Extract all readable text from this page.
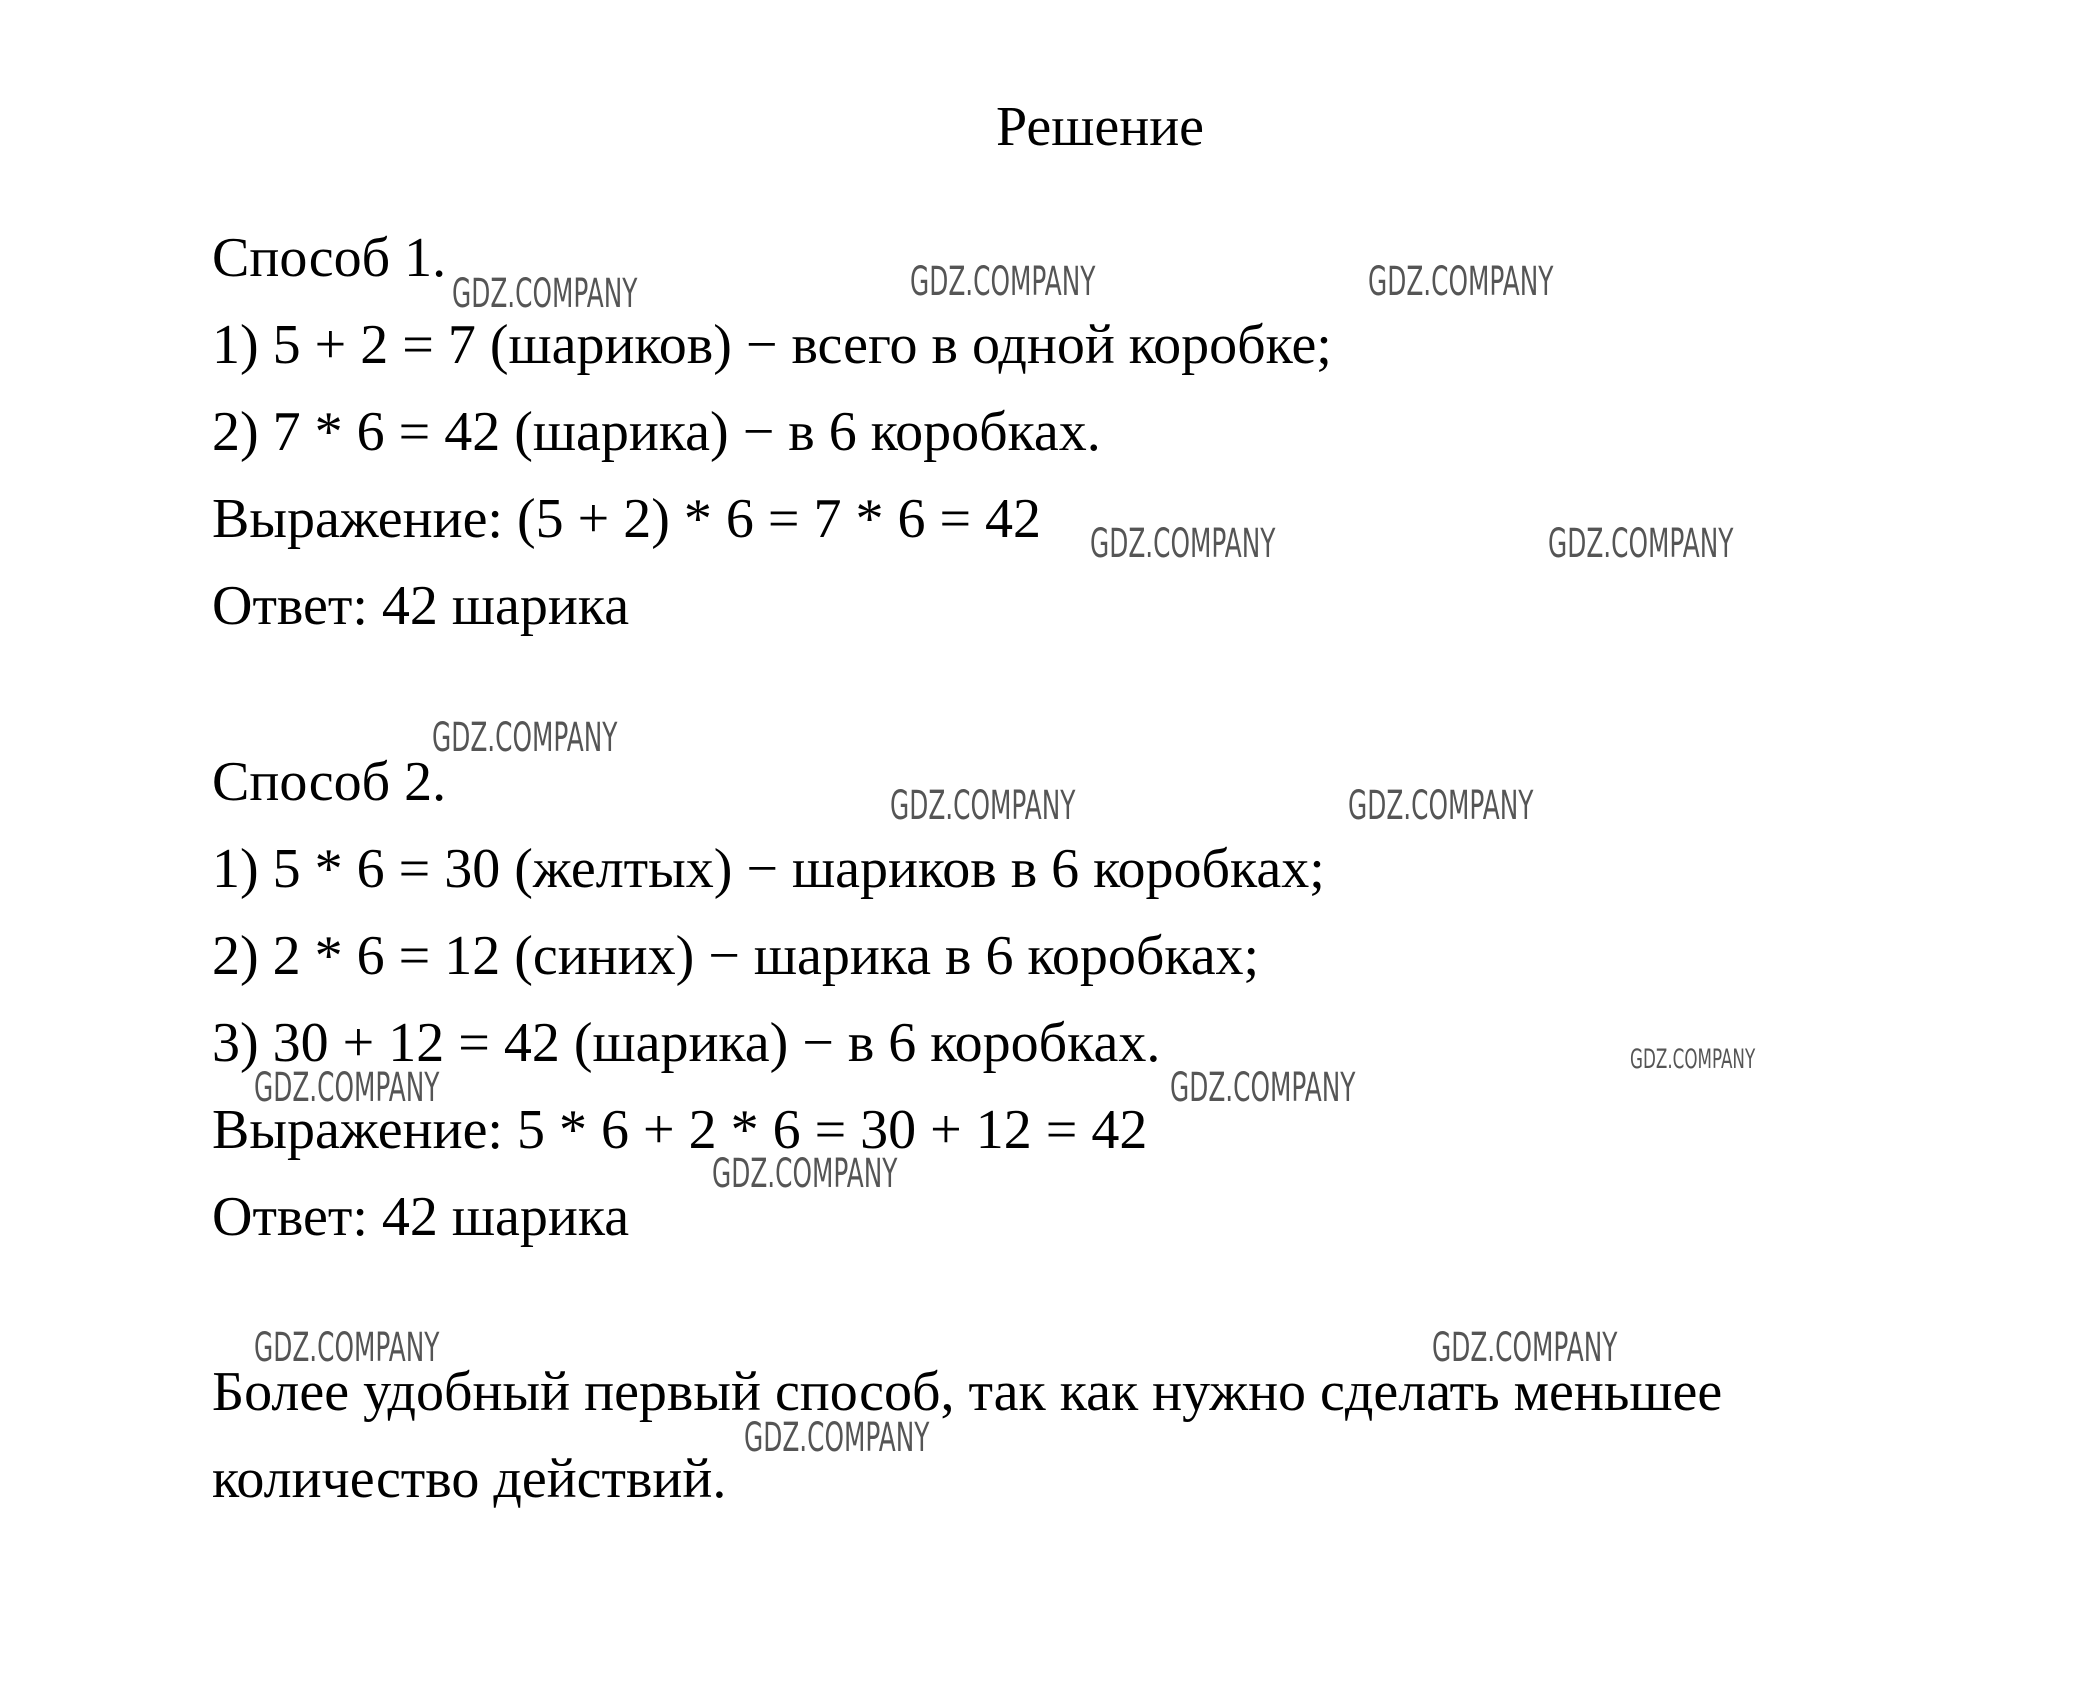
Решение
Способ 1.
1) 5 + 2 = 7 (шариков) − всего в одной коробке;
2) 7 * 6 = 42 (шарика) − в 6 коробках.
Выражение: (5 + 2) * 6 = 7 * 6 = 42
Ответ: 42 шарика
Способ 2.
1) 5 * 6 = 30 (желтых) − шариков в 6 коробках;
2) 2 * 6 = 12 (синих) − шарика в 6 коробках;
3) 30 + 12 = 42 (шарика) − в 6 коробках.
Выражение: 5 * 6 + 2 * 6 = 30 + 12 = 42
Ответ: 42 шарика
Более удобный первый способ, так как нужно сделать меньшее
количество действий.
GDZ.COMPANY	GDZ.COMPANY	GDZ.COMPANY
GDZ.COMPANY	GDZ.COMPANY
GDZ.COMPANY
GDZ.COMPANY	GDZ.COMPANY
GDZ.COMPANY
GDZ.COMPANY	GDZ.COMPANY
GDZ.COMPANY
GDZ.COMPANY	GDZ.COMPANY
GDZ.COMPANY
